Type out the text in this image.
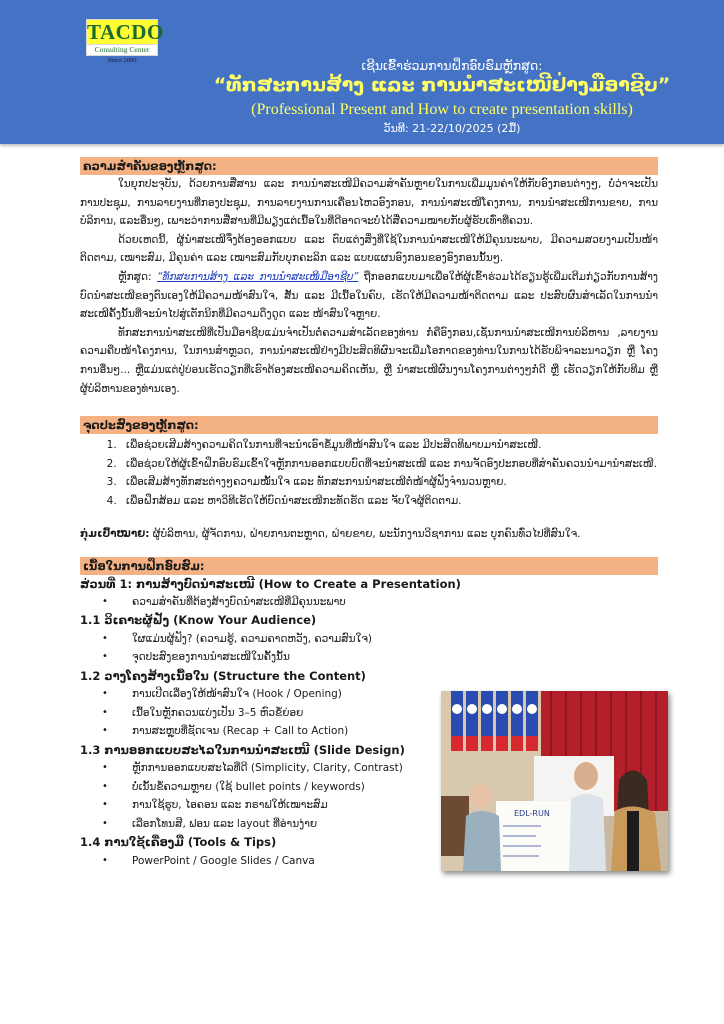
TACDO
Consulting Center
Since 2000	ເຊີນເຂົ້າຮ່ວມການຝຶກອົບຮົມຫຼັກສູດ:
“ທັກສະການສ້າງ ແລະ ການນຳສະເໜີຢ່າງມືອາຊີບ”
(Professional Present and How to create presentation skills)
ວັນທີ: 21-22/10/2025 (2ມື້)
ຄວາມສຳຄັນຂອງຫຼັກສູດ:

ໃນຍຸກປະຈຸບັນ, ດ້ວຍການສື່ສານ ແລະ ການນຳສະເໜີມີຄວາມສຳຄັນຫຼາຍໃນການເພີ່ມມູນຄ່າໃຫ້ກັບອົງກອນຕ່າງໆ, ບໍ່ວ່າຈະເປັນການປະຊຸມ, ການລາຍງານທີ່ກອງປະຊຸມ, ການລາຍງານການເຄື່ອນໄຫວອົງກອນ, ການນຳສະເໜີໂຄງການ, ການນຳສະເໜີການຂາຍ, ການບໍລິການ, ແລະອື່ນໆ, ເພາະວ່າການສື່ສານທີ່ມີພຽງແຕ່ເນື້ອໃນທີ່ດີອາດຈະບໍ່ໄດ້ສື່ຄວາມໝາຍກັບຜູ້ຮັບເທົ່າທີ່ຄວນ.

ດ້ວຍເຫດນີ້, ຜູ້ນຳສະເໜີຈຶ່ງຕ້ອງອອກແບບ ແລະ ຕົບແຕ່ງສິ່ງທີ່ໃຊ້ໃນການນຳສະເໜີໃຫ້ມີຄຸນນະພາບ, ມີຄວາມສວຍງາມເປັນໜ້າຕິດຕາມ, ເໝາະສົມ, ມີຄຸນຄ່າ ແລະ ເໝາະສົມກັບບຸກຄະລິກ ແລະ ແບບແຜນອົງກອນຂອງອົງກອນນັ້ນໆ.

ຫຼັກສູດ: “ທັກສະການສ້າງ ແລະ ການນຳສະເໜີມືອາຊີບ” ຖືກອອກແບບມາເພື່ອໃຫ້ຜູ້ເຂົ້າຮ່ວມໄດ້ຮຽນຮູ້ເພີ່ມເຕີມກ່ຽວກັບການສ້າງບົດນຳສະເໜີຂອງຕົນເອງໃຫ້ມີຄວາມໜ້າສົນໃຈ, ສັ້ນ ແລະ ມີເນື້ອໃນຄົບ, ເຮັດໃຫ້ມີຄວາມໜ້າຕິດຕາມ ແລະ ປະສົບຜົນສຳເລັດໃນການນຳສະເໜີຄັ້ງນັ້ນທີ່ຈະນຳໄປສູ່ເຕັກນິກທີ່ມີຄວາມດຶງດູດ ແລະ ໜ້າສົນໃຈຫຼາຍ.

ທັກສະການນຳສະເໜີທີ່ເປັນມືອາຊີບແມ່ນຈຳເປັນຕໍ່ຄວາມສຳເລັດຂອງທ່ານ ກໍ່ຄືອົງກອນ,ເຊັ່ນການນຳສະເໜີການບໍລິຫານ ,ລາຍງານຄວາມຄືບໜ້າໂຄງການ, ໃນການສຳຫຼວດ, ການນຳສະເໜີຢ່າງມີປະສິດທິຜົນຈະເພີ່ມໂອກາດຂອງທ່ານໃນການໄດ້ຮັບພິຈາລະນາວຽກ ຫຼື ໂຄງການອື່ນໆ... ຫຼືແມ່ນແຕ່ປູ່ບ່ອນເຮັດວຽກທີ່ເຮົາຕ້ອງສະເໜີຄວາມຄິດເຫັນ, ຫຼື ນຳສະເໜີຜົນງານໂຄງການຕ່າງໆກໍ່ດີ ຫຼື ເຮັດວຽກໃຫ້ກັບທີມ ຫຼື ຜູ້ບໍລິຫານຂອງທ່ານເອງ.

ຈຸດປະສົງຂອງຫຼັກສູດ:
1. ເພື່ອຊ່ວຍເສີມສ້າງຄວາມຄິດໃນການທີ່ຈະນຳເອົາຂໍ້ມູນທີ່ໜ້າສົນໃຈ ແລະ ມີປະສິດທິພາບມານຳສະເໜີ.
2. ເພື່ອຊ່ວຍໃຫ້ຜູ້ເຂົ້າຝຶກອົບຮົມເຂົ້າໃຈຫຼັກການອອກແບບບົດທີ່ຈະນຳສະເໜີ ແລະ ການຈັດອົງປະກອບທີ່ສຳຄັນຄວນນຳມານຳສະເໜີ.
3. ເພື່ອເສີມສ້າງທັກສະຕ່າງໆຄວາມໝັ້ນໃຈ ແລະ ທັກສະການນຳສະເໜີຕໍ່ໜ້າຜູ້ຟັງຈຳນວນຫຼາຍ.
4. ເພື່ອຝຶກສ້ອມ ແລະ ຫາວິທີເຮັດໃຫ້ບົດນຳສະເໜີກະທັດຮັດ ແລະ ຈັບໃຈຜູ້ຕິດຕາມ.
ກຸ່ມເປົ້າໝາຍ: ຜູ້ບໍລິຫານ, ຜູ້ຈັດການ, ຝ່າຍການຕະຫຼາດ, ຝ່າຍຂາຍ, ພະນັກງານວິຊາການ ແລະ ບຸກຄົນທົ່ວໄປທີ່ສົນໃຈ.
ເນື້ອໃນການຝຶກອົບຮົມ:
ສ່ວນທີ່ 1: ການສ້າງບົດນຳສະເໜີ (How to Create a Presentation)
• ຄວາມສຳຄັນທີ່ຕ້ອງສ້າງບົດນຳສະເໜີທີ່ມີຄຸນນະພາບ
1.1 ວິເຄາະຜູ້ຟັງ (Know Your Audience)
• ໃຜແມ່ນຜູ້ຟັງ? (ຄວາມຮູ້, ຄວາມຄາດຫວັງ, ຄວາມສົນໃຈ)
• ຈຸດປະສົງຂອງການນຳສະເໜີໃນຄັ້ງນັ້ນ
1.2 ວາງໂຄງສ້າງເນື້ອໃນ (Structure the Content)
• ການເປີດເລື່ອງໃຫ້ໜ້າສົນໃຈ (Hook / Opening)
• ເນື້ອໃນຫຼັກຄວນແບ່ງເປັນ 3–5 ຫົວຂໍ້ຍ່ອຍ
• ການສະຫຼຸບທີ່ຊັດເຈນ (Recap + Call to Action)
1.3 ການອອກແບບສະໄລໃນການນຳສະເໜີ (Slide Design)
• ຫຼັກການອອກແບບສະໄລທີ່ດີ (Simplicity, Clarity, Contrast)
• ບໍ່ເນັ້ນຂໍ້ຄວາມຫຼາຍ (ໃຊ້ bullet points / keywords)
• ການໃຊ້ຮູບ, ໄອຄອນ ແລະ ກຣາຟໃຫ້ເໝາະສົມ
• ເລືອກໂທນສີ, ຟອນ ແລະ layout ທີ່ອ່ານງ່າຍ
1.4 ການໃຊ້ເຄື່ອງມື (Tools & Tips)
• PowerPoint / Google Slides / Canva
EDL-RUN
